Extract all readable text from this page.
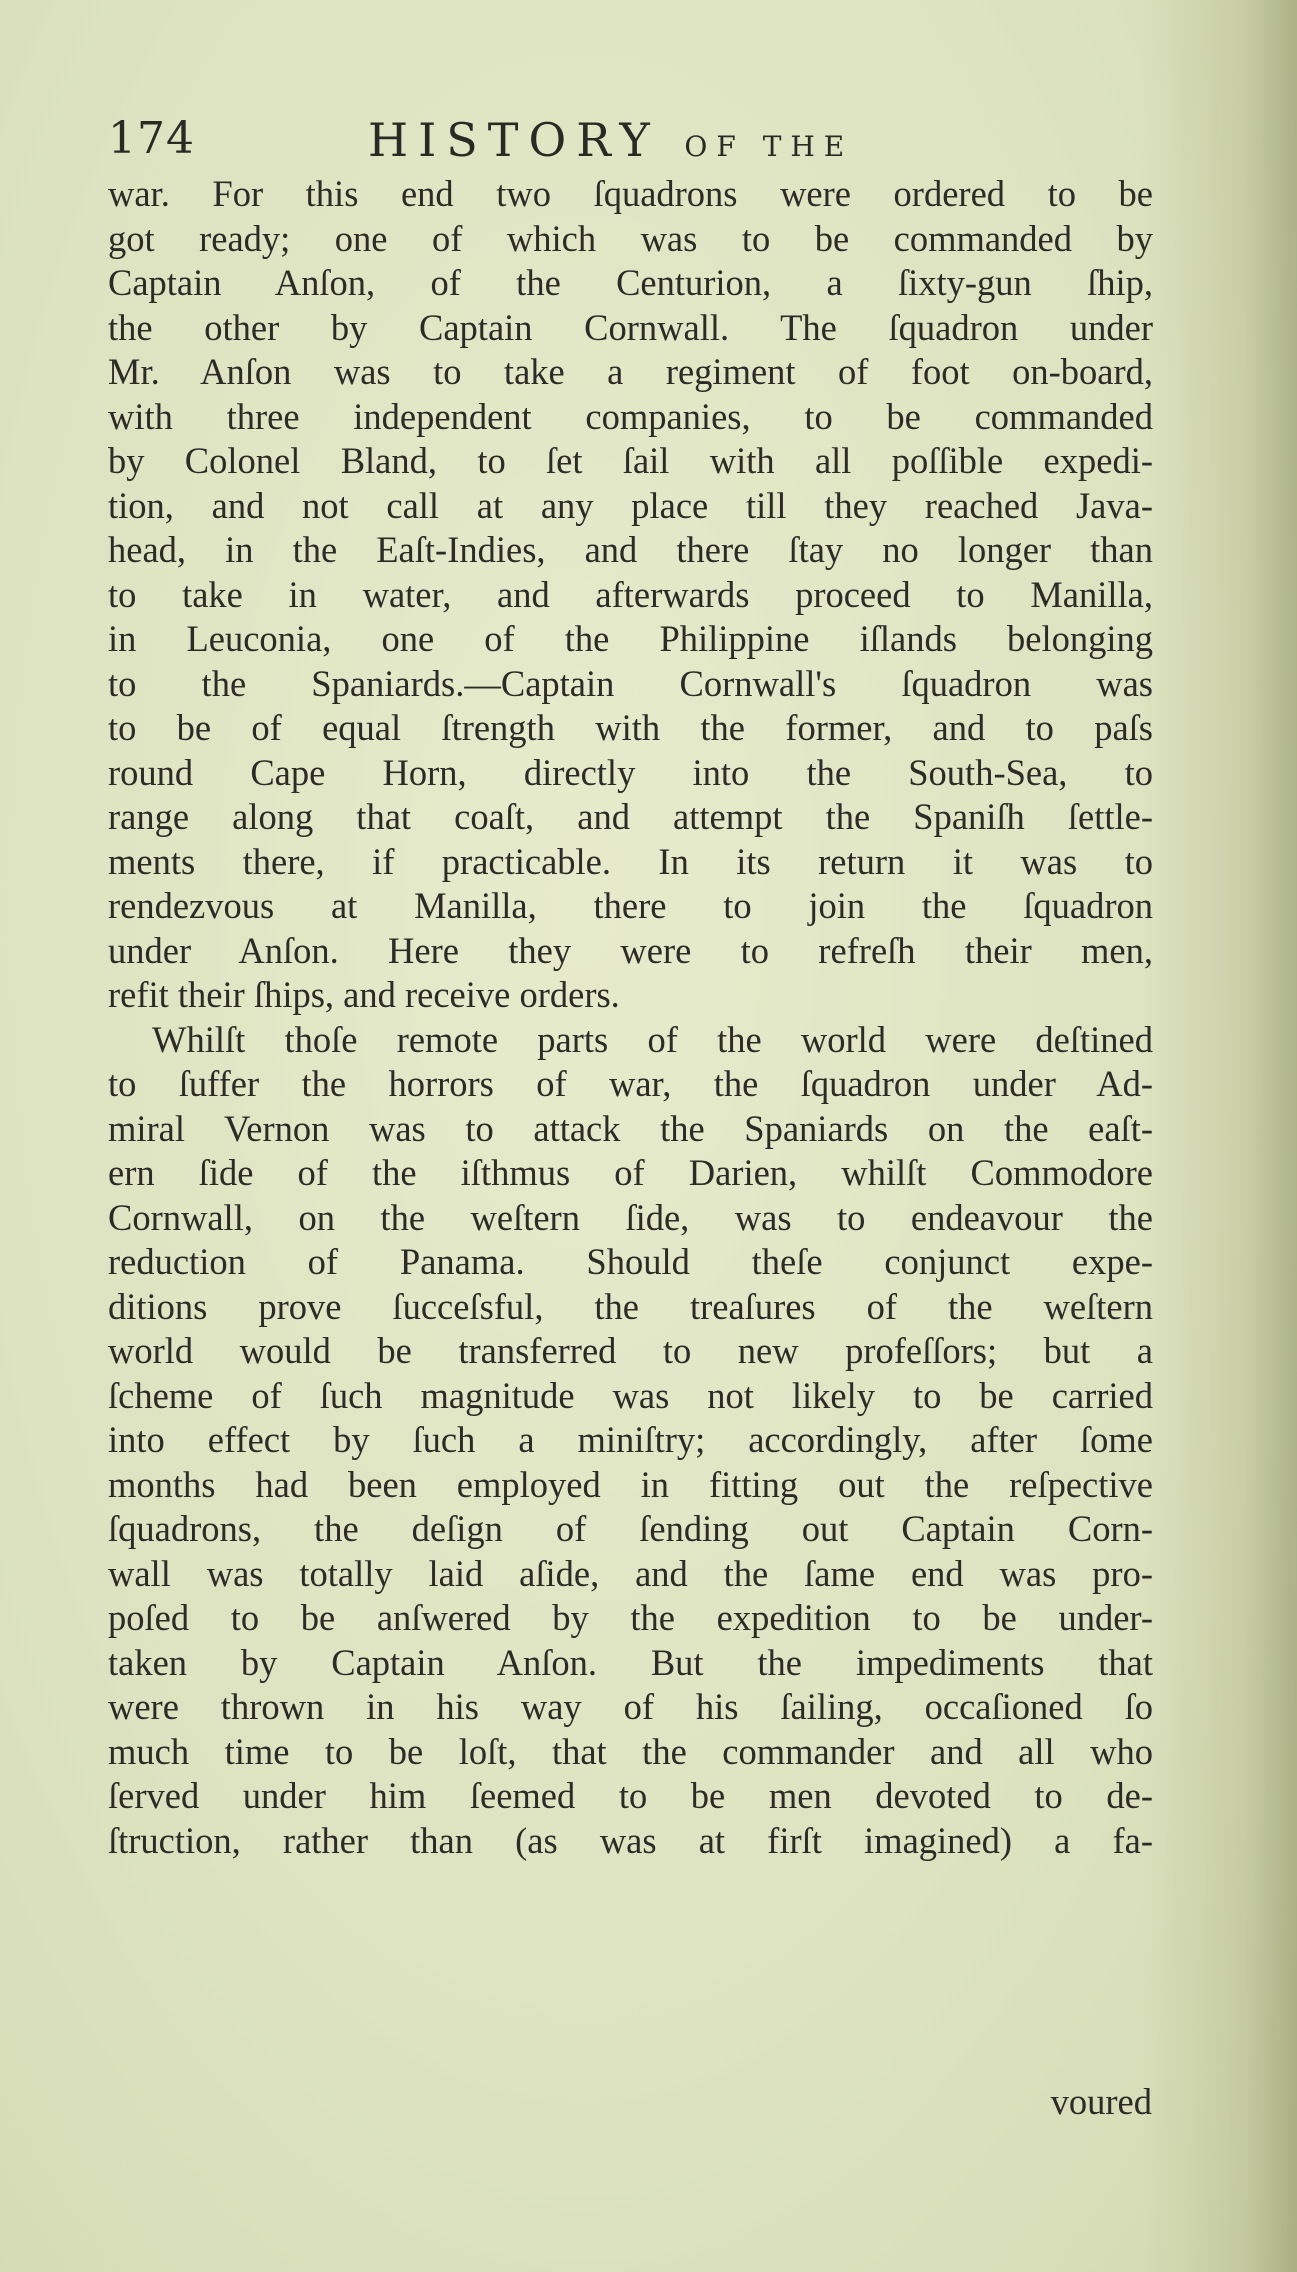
174	HISTORY OF THE
war. For this end two ſquadrons were ordered to be
got ready; one of which was to be commanded by
Captain Anſon, of the Centurion, a ſixty-gun ſhip,
the other by Captain Cornwall. The ſquadron under
Mr. Anſon was to take a regiment of foot on-board,
with three independent companies, to be commanded
by Colonel Bland, to ſet ſail with all poſſible expedi-
tion, and not call at any place till they reached Java-
head, in the Eaſt-Indies, and there ſtay no longer than
to take in water, and afterwards proceed to Manilla,
in Leuconia, one of the Philippine iſlands belonging
to the Spaniards.—Captain Cornwall's ſquadron was
to be of equal ſtrength with the former, and to paſs
round Cape Horn, directly into the South-Sea, to
range along that coaſt, and attempt the Spaniſh ſettle-
ments there, if practicable. In its return it was to
rendezvous at Manilla, there to join the ſquadron
under Anſon. Here they were to refreſh their men,
refit their ſhips, and receive orders.
Whilſt thoſe remote parts of the world were deſtined
to ſuffer the horrors of war, the ſquadron under Ad-
miral Vernon was to attack the Spaniards on the eaſt-
ern ſide of the iſthmus of Darien, whilſt Commodore
Cornwall, on the weſtern ſide, was to endeavour the
reduction of Panama. Should theſe conjunct expe-
ditions prove ſucceſsful, the treaſures of the weſtern
world would be transferred to new profeſſors; but a
ſcheme of ſuch magnitude was not likely to be carried
into effect by ſuch a miniſtry; accordingly, after ſome
months had been employed in fitting out the reſpective
ſquadrons, the deſign of ſending out Captain Corn-
wall was totally laid aſide, and the ſame end was pro-
poſed to be anſwered by the expedition to be under-
taken by Captain Anſon. But the impediments that
were thrown in his way of his ſailing, occaſioned ſo
much time to be loſt, that the commander and all who
ſerved under him ſeemed to be men devoted to de-
ſtruction, rather than (as was at firſt imagined) a fa-
voured
